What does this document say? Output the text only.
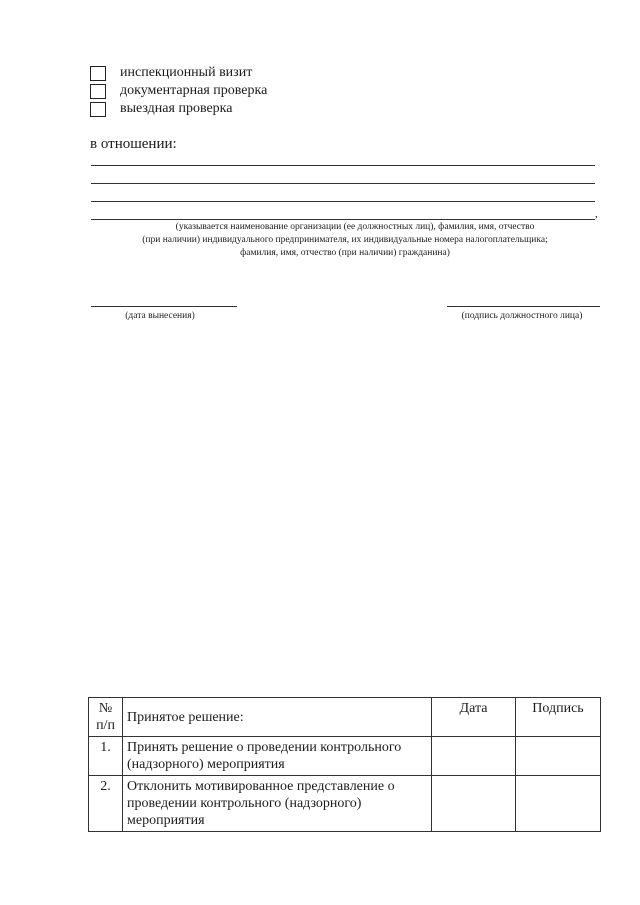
инспекционный визит
документарная проверка
выездная проверка
в отношении:
,
(указывается наименование организации (ее должностных лиц), фамилия, имя, отчество
(при наличии) индивидуального предпринимателя, их индивидуальные номера налогоплательщика;
фамилия, имя, отчество (при наличии) гражданина)
(дата вынесения)	(подпись должностного лица)
№ п/п	Принятое решение:	Дата	Подпись
1.	Принять решение о проведении контрольного (надзорного) мероприятия		
2.	Отклонить мотивированное представление о проведении контрольного (надзорного) мероприятия		
